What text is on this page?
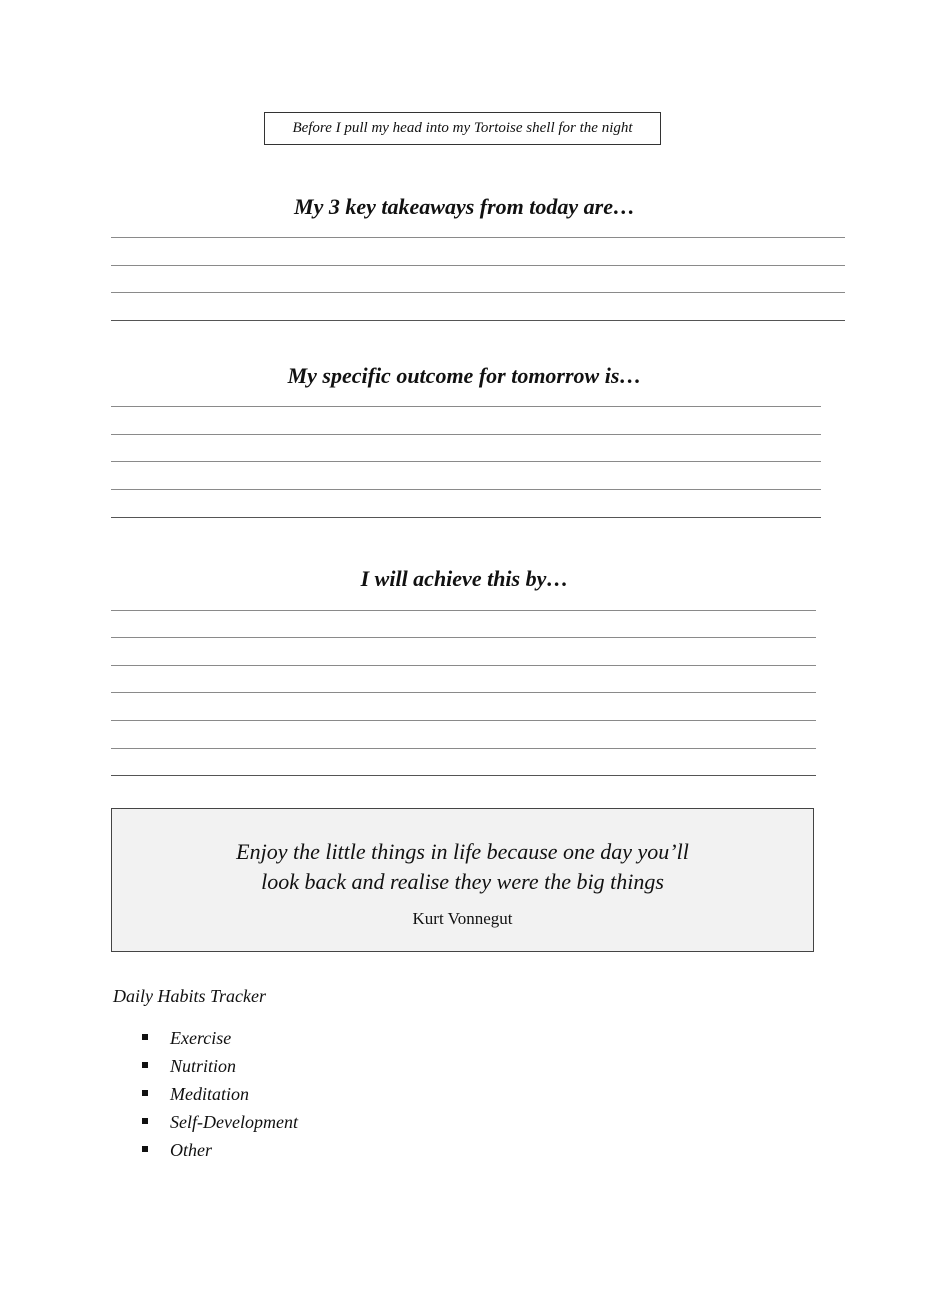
Before I pull my head into my Tortoise shell for the night
My 3 key takeaways from today are…
My specific outcome for tomorrow is…
I will achieve this by…
Enjoy the little things in life because one day you’ll
look back and realise they were the big things
Kurt Vonnegut
Daily Habits Tracker
Exercise
Nutrition
Meditation
Self-Development
Other
